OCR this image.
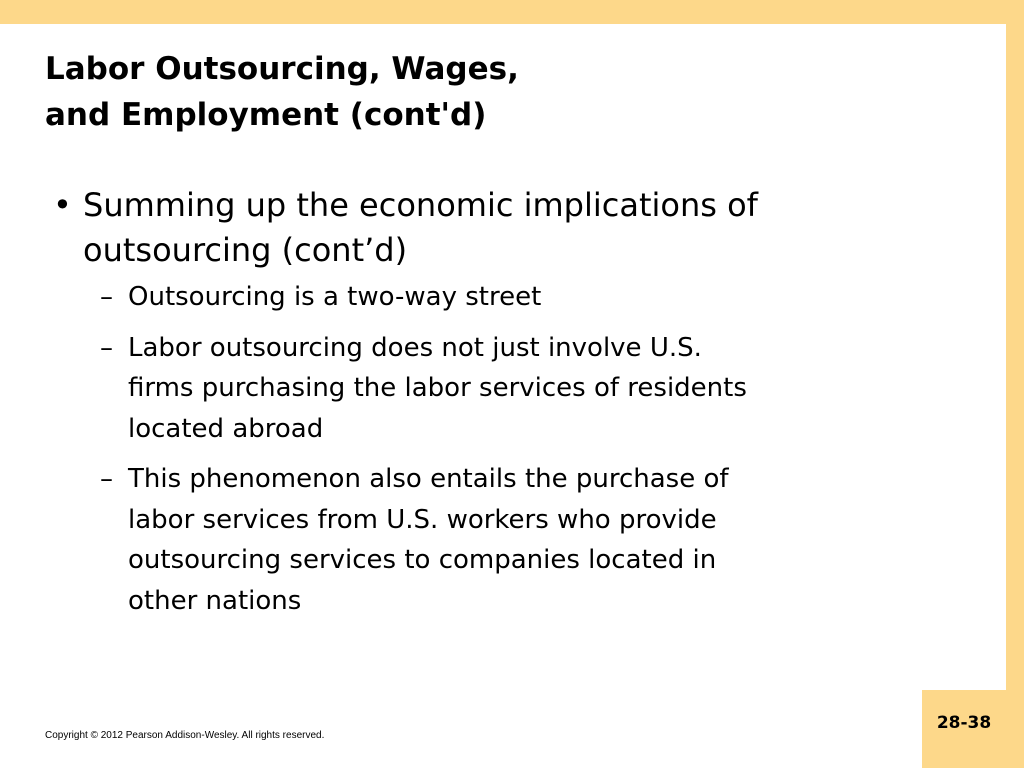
Labor Outsourcing, Wages,
and Employment (cont'd)
• Summing up the economic implications of
outsourcing (cont’d)
– Outsourcing is a two-way street
– Labor outsourcing does not just involve U.S.
firms purchasing the labor services of residents
located abroad
– This phenomenon also entails the purchase of
labor services from U.S. workers who provide
outsourcing services to companies located in
other nations
Copyright © 2012 Pearson Addison-Wesley. All rights reserved.
28-38
